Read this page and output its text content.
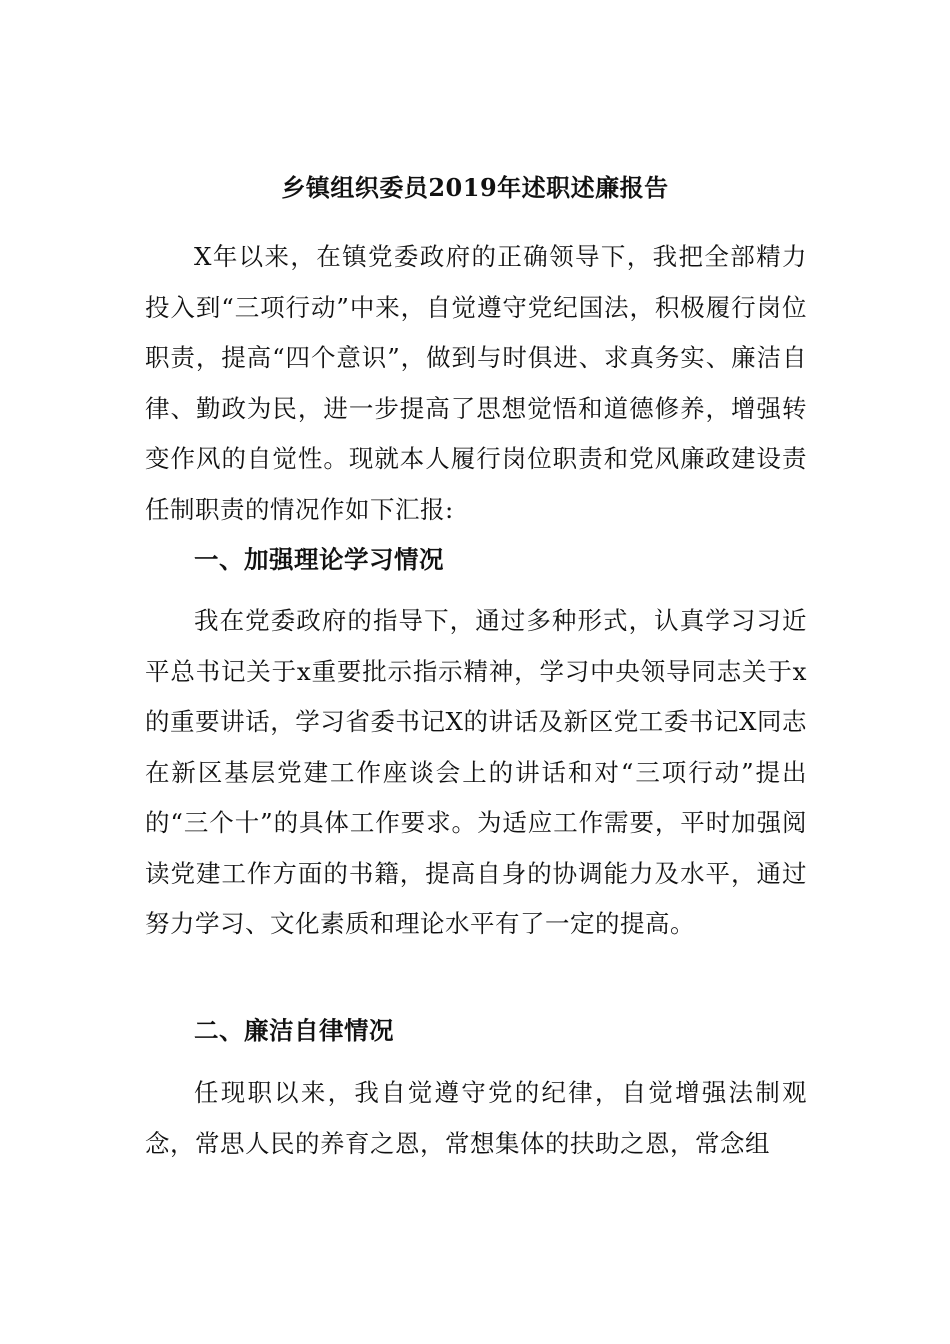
乡镇组织委员2019年述职述廉报告

X年以来，在镇党委政府的正确领导下，我把全部精力投入到“三项行动”中来，自觉遵守党纪国法，积极履行岗位职责，提高“四个意识”，做到与时俱进、求真务实、廉洁自律、勤政为民，进一步提高了思想觉悟和道德修养，增强转变作风的自觉性。现就本人履行岗位职责和党风廉政建设责任制职责的情况作如下汇报:

一、加强理论学习情况

我在党委政府的指导下，通过多种形式，认真学习习近平总书记关于x重要批示指示精神，学习中央领导同志关于x的重要讲话，学习省委书记X的讲话及新区党工委书记X同志在新区基层党建工作座谈会上的讲话和对“三项行动”提出的“三个十”的具体工作要求。为适应工作需要，平时加强阅读党建工作方面的书籍，提高自身的协调能力及水平，通过努力学习、文化素质和理论水平有了一定的提高。

二、廉洁自律情况

任现职以来，我自觉遵守党的纪律，自觉增强法制观念，常思人民的养育之恩，常想集体的扶助之恩，常念组
